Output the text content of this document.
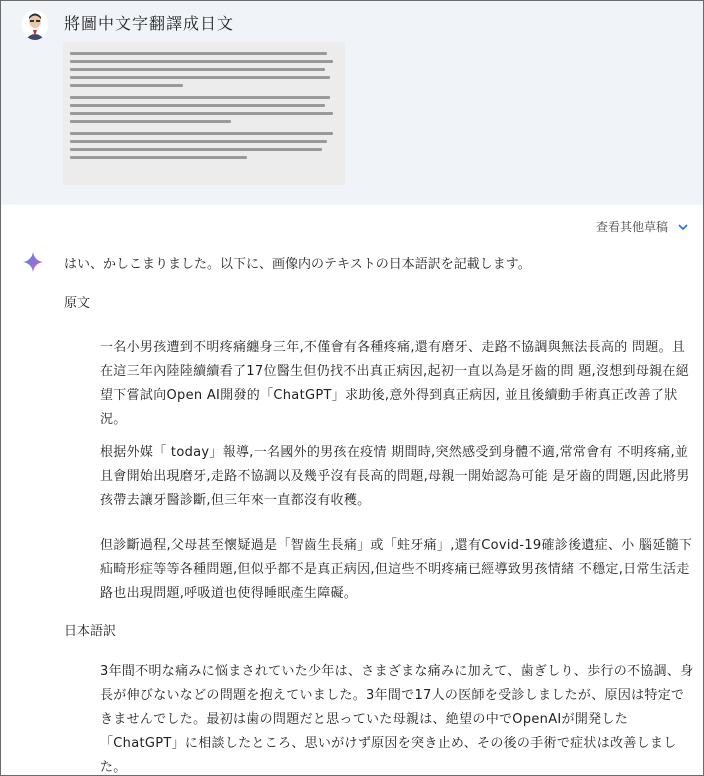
將圖中文字翻譯成日文
查看其他草稿
はい、かしこまりました。以下に、画像内のテキストの日本語訳を記載します。
原文
一名小男孩遭到不明疼痛纏身三年,不僅會有各種疼痛,還有磨牙、走路不協調與無法長高的 問題。且在這三年內陸陸續續看了17位醫生但仍找不出真正病因,起初一直以為是牙齒的問 題,沒想到母親在絕望下嘗試向Open AI開發的「ChatGPT」求助後,意外得到真正病因, 並且後續動手術真正改善了狀況。
根据外媒「 today」報導,一名國外的男孩在疫情 期間時,突然感受到身體不適,常常會有 不明疼痛,並且會開始出現磨牙,走路不協調以及幾乎沒有長高的問題,母親一開始認為可能 是牙齒的問題,因此將男孩帶去讓牙醫診斷,但三年來一直都沒有收穫。
但診斷過程,父母甚至懷疑過是「智齒生長痛」或「蛀牙痛」,還有Covid-19確診後遺症、小 腦延髓下疝畸形症等等各種問題,但似乎都不是真正病因,但這些不明疼痛已經導致男孩情緒 不穩定,日常生活走路也出現問題,呼吸道也使得睡眠產生障礙。
日本語訳
3年間不明な痛みに悩まされていた少年は、さまざまな痛みに加えて、歯ぎしり、歩行の不協調、身長が伸びないなどの問題を抱えていました。3年間で17人の医師を受診しましたが、原因は特定できませんでした。最初は歯の問題だと思っていた母親は、絶望の中でOpenAIが開発した「ChatGPT」に相談したところ、思いがけず原因を突き止め、その後の手術で症状は改善しました。
